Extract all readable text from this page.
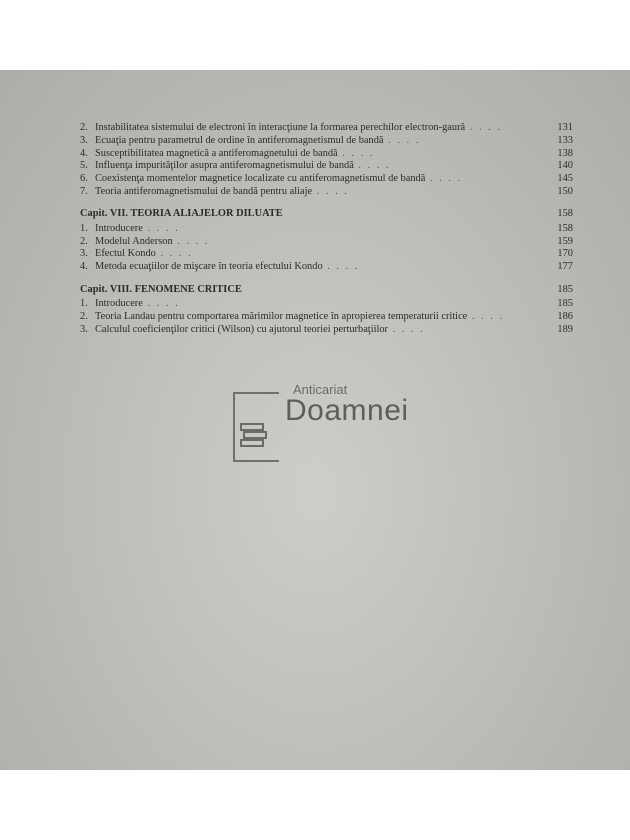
2. Instabilitatea sistemului de electroni în interacţiune la formarea perechilor electron-gaură . . . .	131
3. Ecuaţia pentru parametrul de ordine în antiferomagnetismul de bandă . . . .	133
4. Susceptibilitatea magnetică a antiferomagnetului de bandă . . . .	138
5. Influenţa impurităţilor asupra antiferomagnetismului de bandă . . . .	140
6. Coexistenţa momentelor magnetice localizate cu antiferomagnetismul de bandă . . . .	145
7. Teoria antiferomagnetismului de bandă pentru aliaje . . . .	150
Capit. VII. TEORIA ALIAJELOR DILUATE	158
1. Introducere . . . .	158
2. Modelul Anderson . . . .	159
3. Efectul Kondo . . . .	170
4. Metoda ecuaţiilor de mişcare în teoria efectului Kondo . . . .	177
Capit. VIII. FENOMENE CRITICE	185
1. Introducere . . . .	185
2. Teoria Landau pentru comportarea mărimilor magnetice în apropierea temperaturii critice . . . .	186
3. Calculul coeficienţilor critici (Wilson) cu ajutorul teoriei perturbaţiilor . . . .	189
Anticariat
Doamnei
